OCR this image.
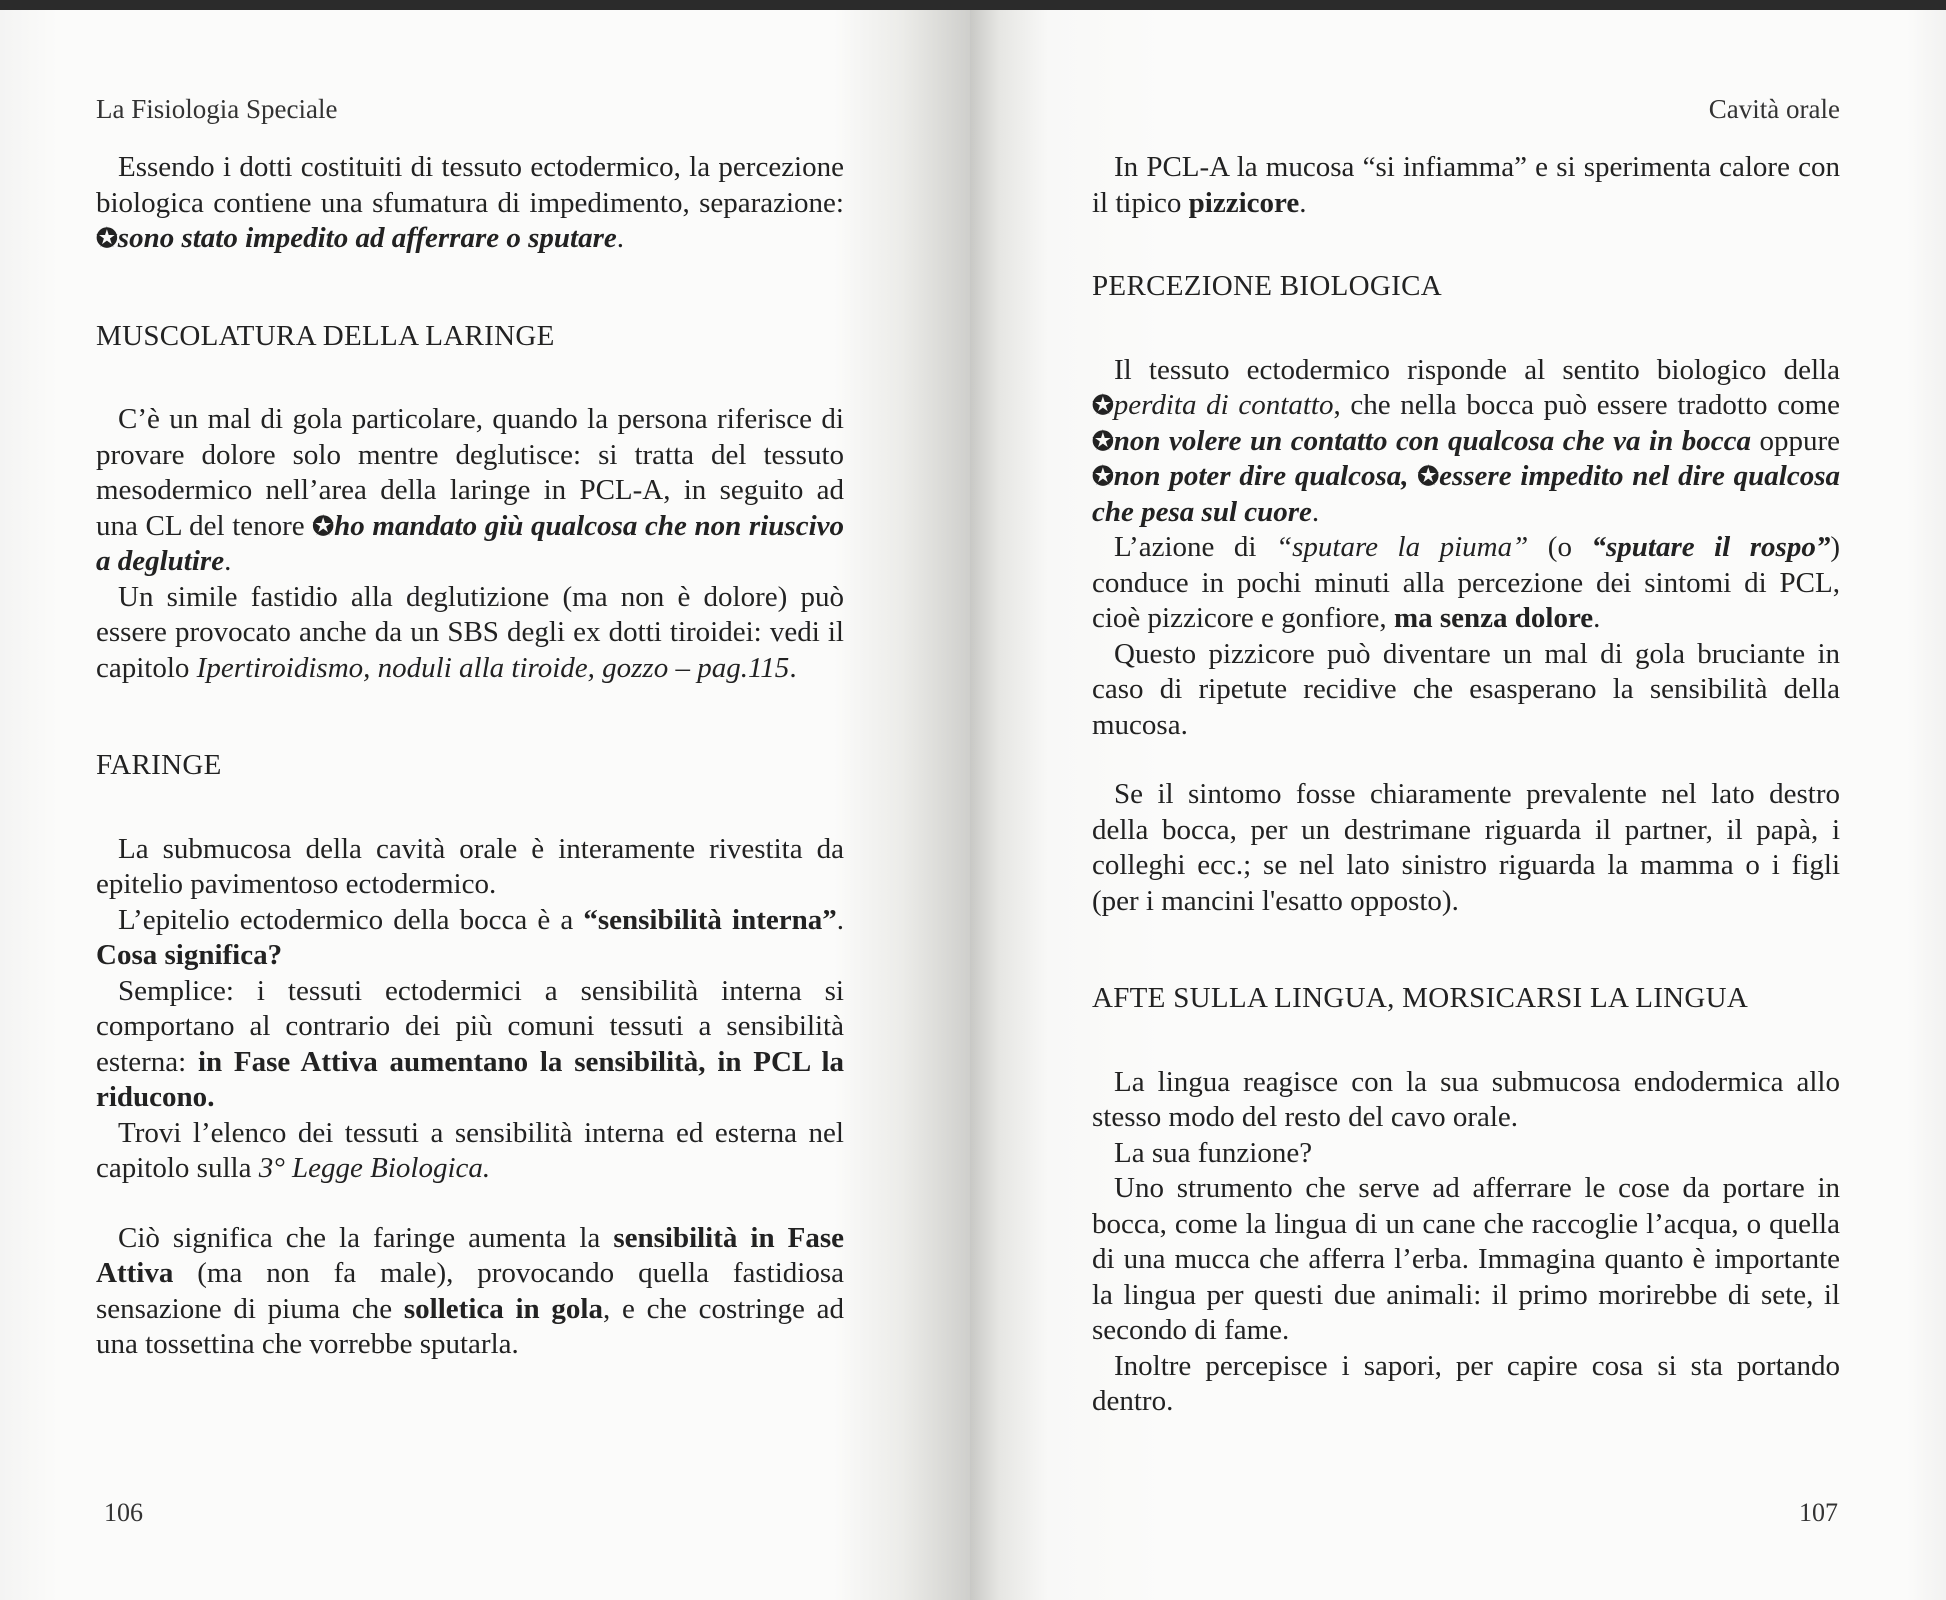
La Fisiologia Speciale

Essendo i dotti costituiti di tessuto ectodermico, la percezione biologica contiene una sfumatura di impedimento, separazione: ✪sono stato impedito ad afferrare o sputare.

MUSCOLATURA DELLA LARINGE

C’è un mal di gola particolare, quando la persona riferisce di provare dolore solo mentre deglutisce: si tratta del tessuto mesodermico nell’area della laringe in PCL-A, in seguito ad una CL del tenore ✪ho mandato giù qualcosa che non riuscivo a deglutire.

Un simile fastidio alla deglutizione (ma non è dolore) può essere provocato anche da un SBS degli ex dotti tiroidei: vedi il capitolo Ipertiroidismo, noduli alla tiroide, gozzo – pag.115.

FARINGE

La submucosa della cavità orale è interamente rivestita da epitelio pavimentoso ectodermico.

L’epitelio ectodermico della bocca è a “sensibilità interna”. Cosa significa?

Semplice: i tessuti ectodermici a sensibilità interna si comportano al contrario dei più comuni tessuti a sensibilità esterna: in Fase Attiva aumentano la sensibilità, in PCL la riducono.

Trovi l’elenco dei tessuti a sensibilità interna ed esterna nel capitolo sulla 3° Legge Biologica.

Ciò significa che la faringe aumenta la sensibilità in Fase Attiva (ma non fa male), provocando quella fastidiosa sensazione di piuma che solletica in gola, e che costringe ad una tossettina che vorrebbe sputarla.

106
Cavità orale

In PCL-A la mucosa “si infiamma” e si sperimenta calore con il tipico pizzicore.

PERCEZIONE BIOLOGICA

Il tessuto ectodermico risponde al sentito biologico della ✪perdita di contatto, che nella bocca può essere tradotto come ✪non volere un contatto con qualcosa che va in bocca oppure ✪non poter dire qualcosa, ✪essere impedito nel dire qualcosa che pesa sul cuore.

L’azione di “sputare la piuma” (o “sputare il rospo”) conduce in pochi minuti alla percezione dei sintomi di PCL, cioè pizzicore e gonfiore, ma senza dolore.

Questo pizzicore può diventare un mal di gola bruciante in caso di ripetute recidive che esasperano la sensibilità della mucosa.

Se il sintomo fosse chiaramente prevalente nel lato destro della bocca, per un destrimane riguarda il partner, il papà, i colleghi ecc.; se nel lato sinistro riguarda la mamma o i figli (per i mancini l'esatto opposto).

AFTE SULLA LINGUA, MORSICARSI LA LINGUA

La lingua reagisce con la sua submucosa endodermica allo stesso modo del resto del cavo orale.

La sua funzione?

Uno strumento che serve ad afferrare le cose da portare in bocca, come la lingua di un cane che raccoglie l’acqua, o quella di una mucca che afferra l’erba. Immagina quanto è importante la lingua per questi due animali: il primo morirebbe di sete, il secondo di fame.

Inoltre percepisce i sapori, per capire cosa si sta portando dentro.

107
